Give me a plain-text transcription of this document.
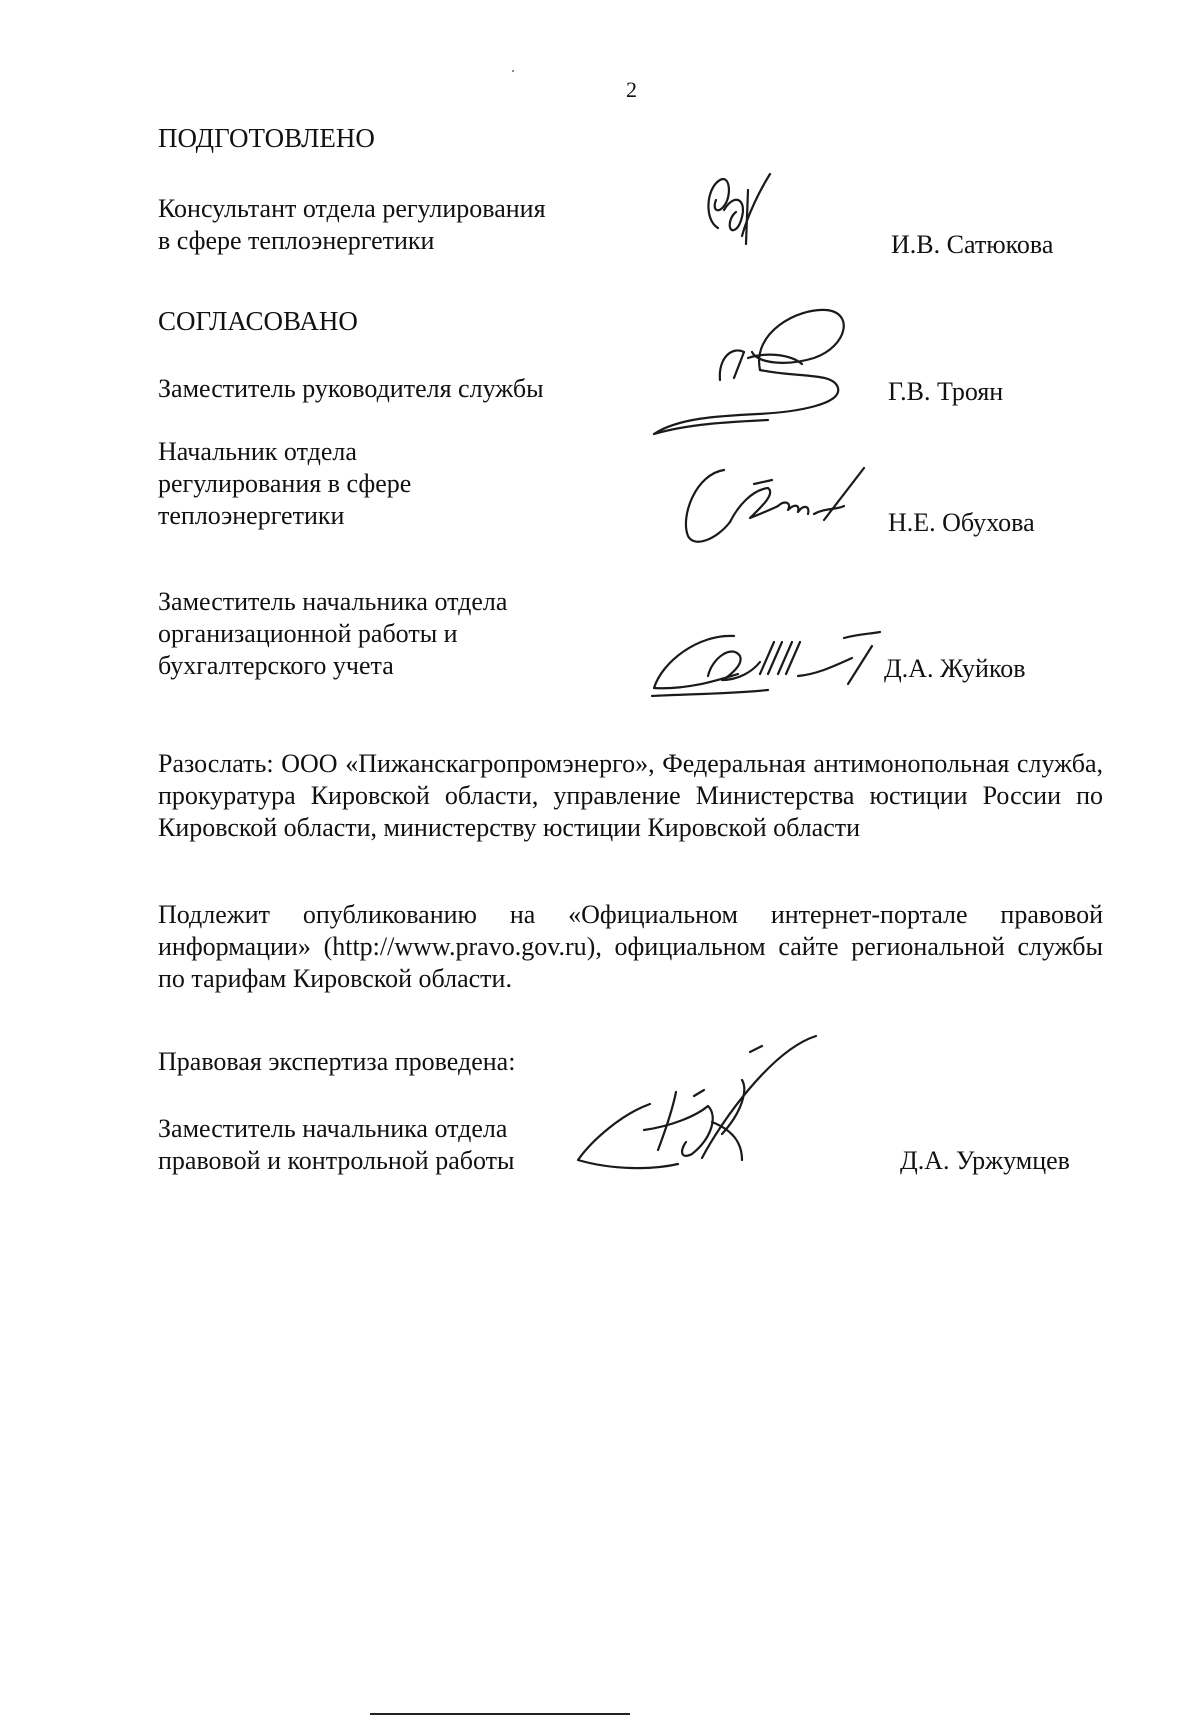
2
ПОДГОТОВЛЕНО
Консультант отдела регулирования
в сфере теплоэнергетики	И.В. Сатюкова
СОГЛАСОВАНО
Заместитель руководителя службы	Г.В. Троян
Начальник отдела
регулирования в сфере
теплоэнергетики	Н.Е. Обухова
Заместитель начальника отдела
организационной работы и
бухгалтерского учета	Д.А. Жуйков
Разослать: ООО «Пижанскагропромэнерго», Федеральная антимонопольная служба, прокуратура Кировской области, управление Министерства юстиции России по Кировской области, министерству юстиции Кировской области
Подлежит опубликованию на «Официальном интернет-портале правовой информации» (http://www.pravo.gov.ru), официальном сайте региональной службы по тарифам Кировской области.
Правовая экспертиза проведена:
Заместитель начальника отдела
правовой и контрольной работы	Д.А. Уржумцев
